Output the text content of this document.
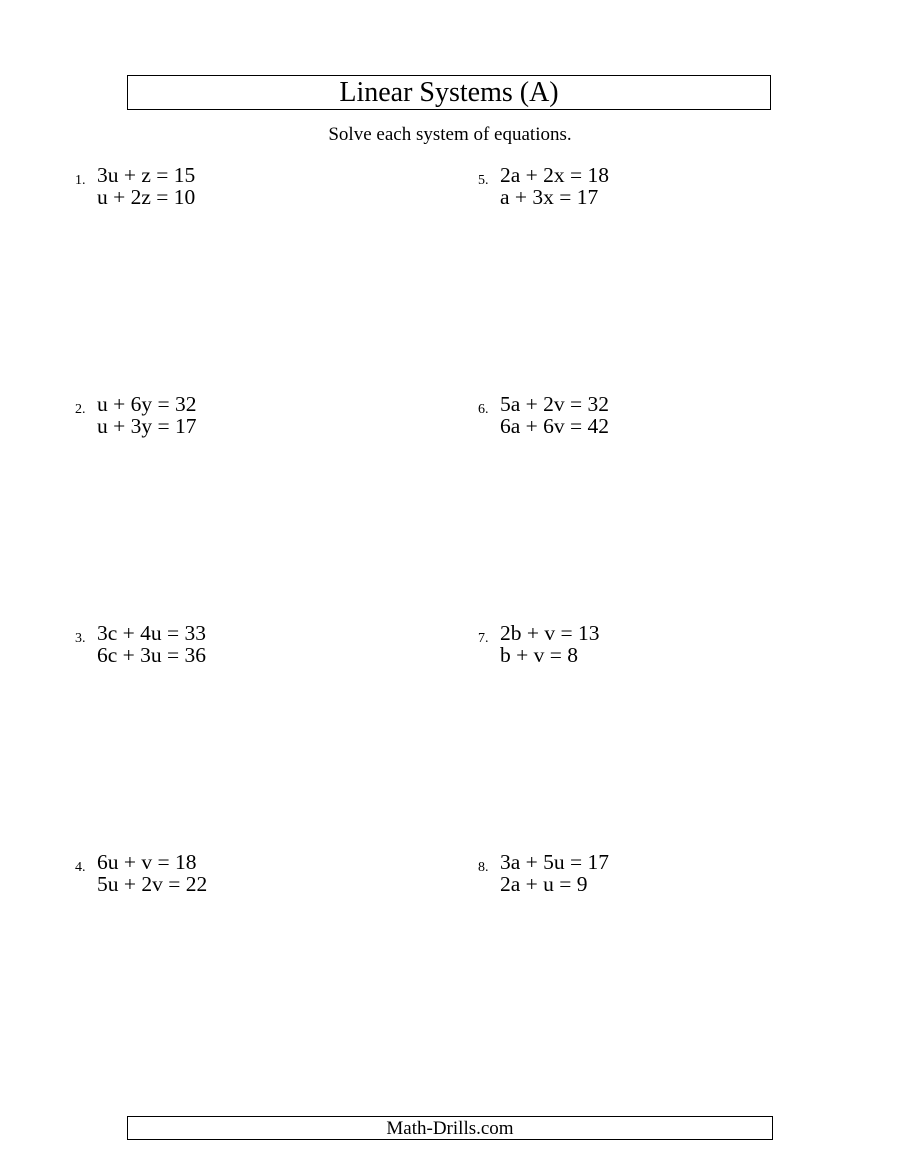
Linear Systems (A)
Solve each system of equations.
1. 3u + z = 15
u + 2z = 10
2. u + 6y = 32
u + 3y = 17
3. 3c + 4u = 33
6c + 3u = 36
4. 6u + v = 18
5u + 2v = 22
5. 2a + 2x = 18
a + 3x = 17
6. 5a + 2v = 32
6a + 6v = 42
7. 2b + v = 13
b + v = 8
8. 3a + 5u = 17
2a + u = 9
Math-Drills.com
